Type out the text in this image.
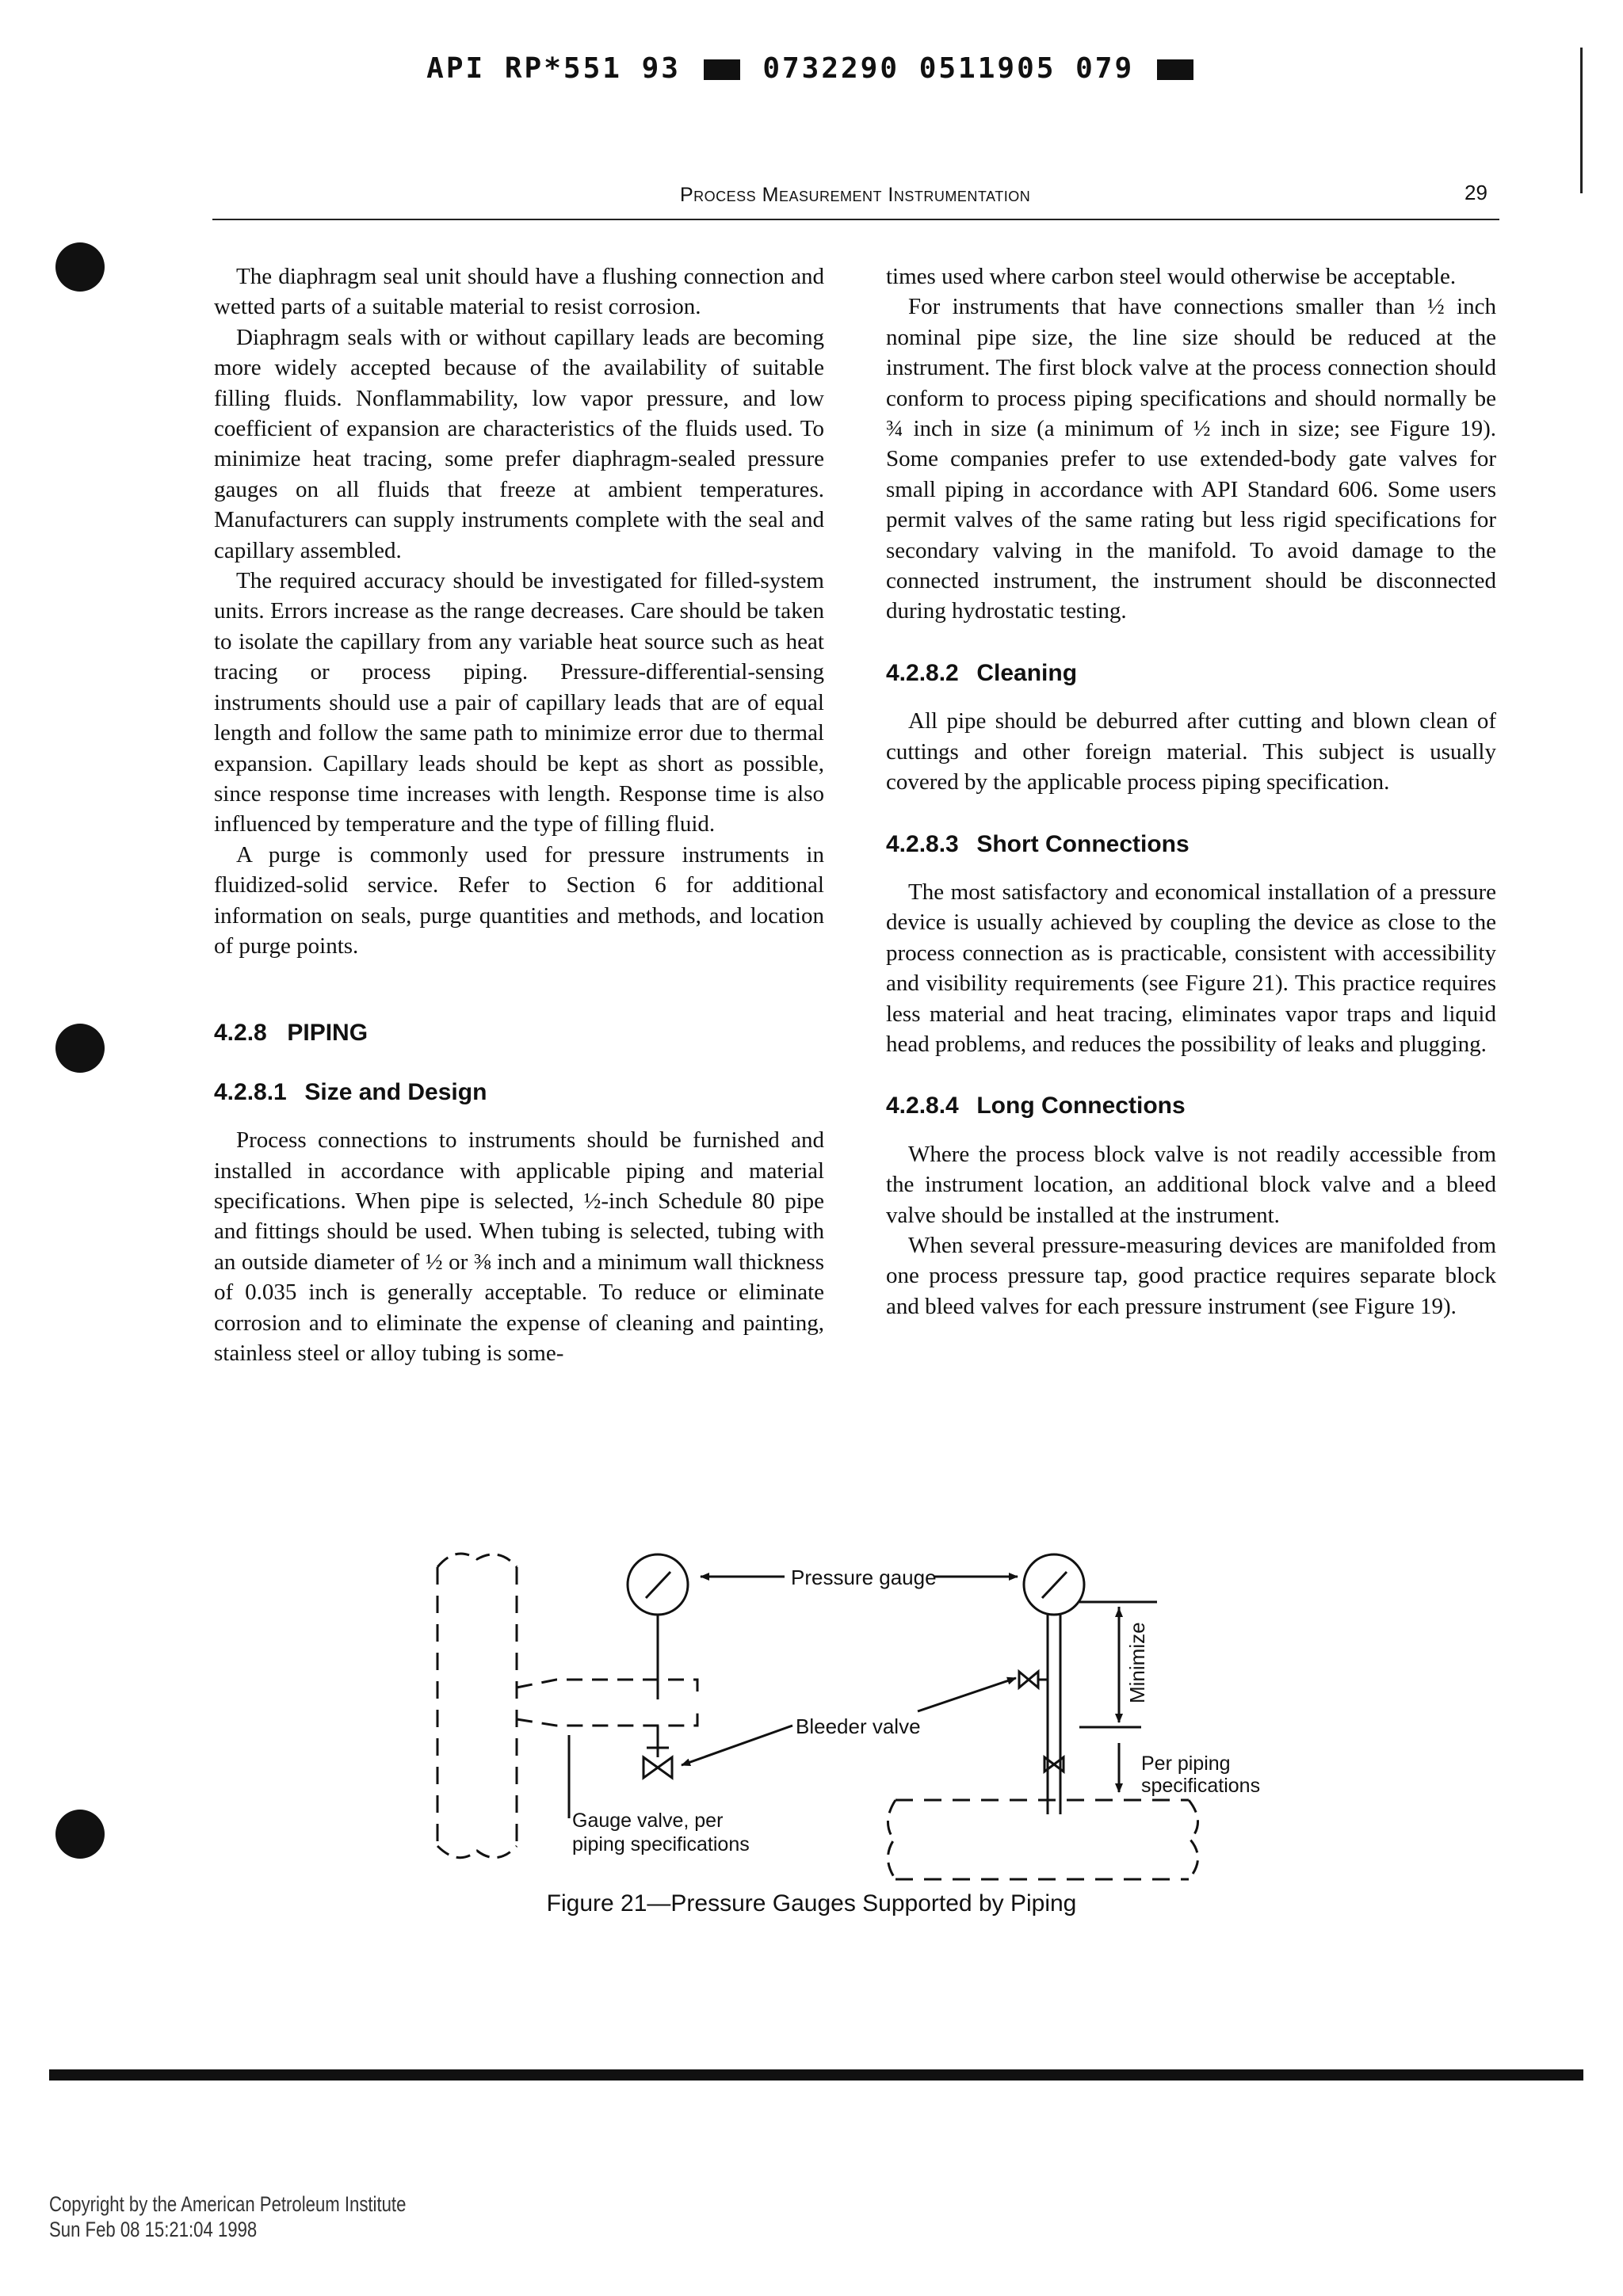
API RP*551 93	0732290 0511905 079
Process Measurement Instrumentation	29

The diaphragm seal unit should have a flushing connection and wetted parts of a suitable material to resist corrosion.

Diaphragm seals with or without capillary leads are becoming more widely accepted because of the availability of suitable filling fluids. Nonflammability, low vapor pressure, and low coefficient of expansion are characteristics of the fluids used. To minimize heat tracing, some prefer diaphragm-sealed pressure gauges on all fluids that freeze at ambient temperatures. Manufacturers can supply instruments complete with the seal and capillary assembled.

The required accuracy should be investigated for filled-system units. Errors increase as the range decreases. Care should be taken to isolate the capillary from any variable heat source such as heat tracing or process piping. Pressure-differential-sensing instruments should use a pair of capillary leads that are of equal length and follow the same path to minimize error due to thermal expansion. Capillary leads should be kept as short as possible, since response time increases with length. Response time is also influenced by temperature and the type of filling fluid.

A purge is commonly used for pressure instruments in fluidized-solid service. Refer to Section 6 for additional information on seals, purge quantities and methods, and location of purge points.

4.2.8 PIPING
4.2.8.1 Size and Design

Process connections to instruments should be furnished and installed in accordance with applicable piping and material specifications. When pipe is selected, ½-inch Schedule 80 pipe and fittings should be used. When tubing is selected, tubing with an outside diameter of ½ or ⅜ inch and a minimum wall thickness of 0.035 inch is generally acceptable. To reduce or eliminate corrosion and to eliminate the expense of cleaning and painting, stainless steel or alloy tubing is some-

times used where carbon steel would otherwise be acceptable.

For instruments that have connections smaller than ½ inch nominal pipe size, the line size should be reduced at the instrument. The first block valve at the process connection should conform to process piping specifications and should normally be ¾ inch in size (a minimum of ½ inch in size; see Figure 19). Some companies prefer to use extended-body gate valves for small piping in accordance with API Standard 606. Some users permit valves of the same rating but less rigid specifications for secondary valving in the manifold. To avoid damage to the connected instrument, the instrument should be disconnected during hydrostatic testing.

4.2.8.2 Cleaning

All pipe should be deburred after cutting and blown clean of cuttings and other foreign material. This subject is usually covered by the applicable process piping specification.

4.2.8.3 Short Connections

The most satisfactory and economical installation of a pressure device is usually achieved by coupling the device as close to the process connection as is practicable, consistent with accessibility and visibility requirements (see Figure 21). This practice requires less material and heat tracing, eliminates vapor traps and liquid head problems, and reduces the possibility of leaks and plugging.

4.2.8.4 Long Connections

Where the process block valve is not readily accessible from the instrument location, an additional block valve and a bleed valve should be installed at the instrument.

When several pressure-measuring devices are manifolded from one process pressure tap, good practice requires separate block and bleed valves for each pressure instrument (see Figure 19).

Pressure gauge
Bleeder valve
Gauge valve, per
piping specifications
Minimize
Per piping
specifications
Figure 21—Pressure Gauges Supported by Piping
Copyright by the American Petroleum Institute
Sun Feb 08 15:21:04 1998
